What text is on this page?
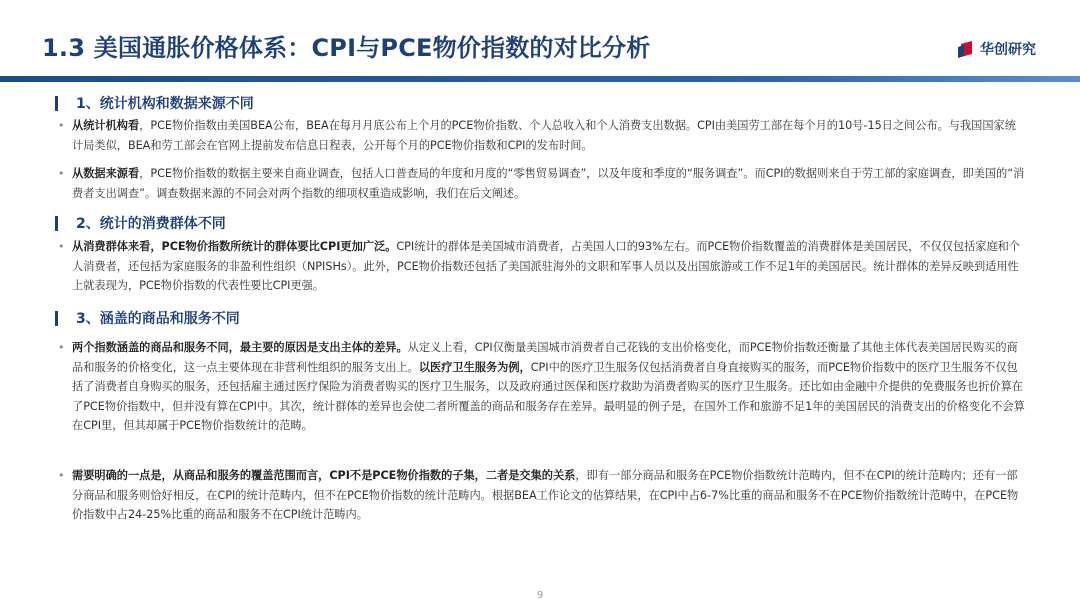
1.3 美国通胀价格体系：CPI与PCE物价指数的对比分析	华创研究
1、统计机构和数据来源不同
• 从统计机构看，PCE物价指数由美国BEA公布，BEA在每月月底公布上个月的PCE物价指数、个人总收入和个人消费支出数据。CPI由美国劳工部在每个月的10号-15日之间公布。与我国国家统计局类似，BEA和劳工部会在官网上提前发布信息日程表，公开每个月的PCE物价指数和CPI的发布时间。
• 从数据来源看，PCE物价指数的数据主要来自商业调查，包括人口普查局的年度和月度的“零售贸易调查”，以及年度和季度的“服务调查”。而CPI的数据则来自于劳工部的家庭调查，即美国的“消费者支出调查”。调查数据来源的不同会对两个指数的细项权重造成影响，我们在后文阐述。
2、统计的消费群体不同
• 从消费群体来看，PCE物价指数所统计的群体要比CPI更加广泛。CPI统计的群体是美国城市消费者，占美国人口的93%左右。而PCE物价指数覆盖的消费群体是美国居民，不仅仅包括家庭和个人消费者，还包括为家庭服务的非盈利性组织（NPISHs）。此外，PCE物价指数还包括了美国派驻海外的文职和军事人员以及出国旅游或工作不足1年的美国居民。统计群体的差异反映到适用性上就表现为，PCE物价指数的代表性要比CPI更强。
3、涵盖的商品和服务不同
• 两个指数涵盖的商品和服务不同，最主要的原因是支出主体的差异。从定义上看，CPI仅衡量美国城市消费者自己花钱的支出价格变化，而PCE物价指数还衡量了其他主体代表美国居民购买的商品和服务的价格变化，这一点主要体现在非营利性组织的服务支出上。以医疗卫生服务为例，CPI中的医疗卫生服务仅包括消费者自身直接购买的服务，而PCE物价指数中的医疗卫生服务不仅包括了消费者自身购买的服务，还包括雇主通过医疗保险为消费者购买的医疗卫生服务，以及政府通过医保和医疗救助为消费者购买的医疗卫生服务。还比如由金融中介提供的免费服务也折价算在了PCE物价指数中，但并没有算在CPI中。其次，统计群体的差异也会使二者所覆盖的商品和服务存在差异。最明显的例子是，在国外工作和旅游不足1年的美国居民的消费支出的价格变化不会算在CPI里，但其却属于PCE物价指数统计的范畴。
• 需要明确的一点是，从商品和服务的覆盖范围而言，CPI不是PCE物价指数的子集，二者是交集的关系，即有一部分商品和服务在PCE物价指数统计范畴内，但不在CPI的统计范畴内；还有一部分商品和服务则恰好相反，在CPI的统计范畴内，但不在PCE物价指数的统计范畴内。根据BEA工作论文的估算结果，在CPI中占6-7%比重的商品和服务不在PCE物价指数统计范畴中，在PCE物价指数中占24-25%比重的商品和服务不在CPI统计范畴内。
9
